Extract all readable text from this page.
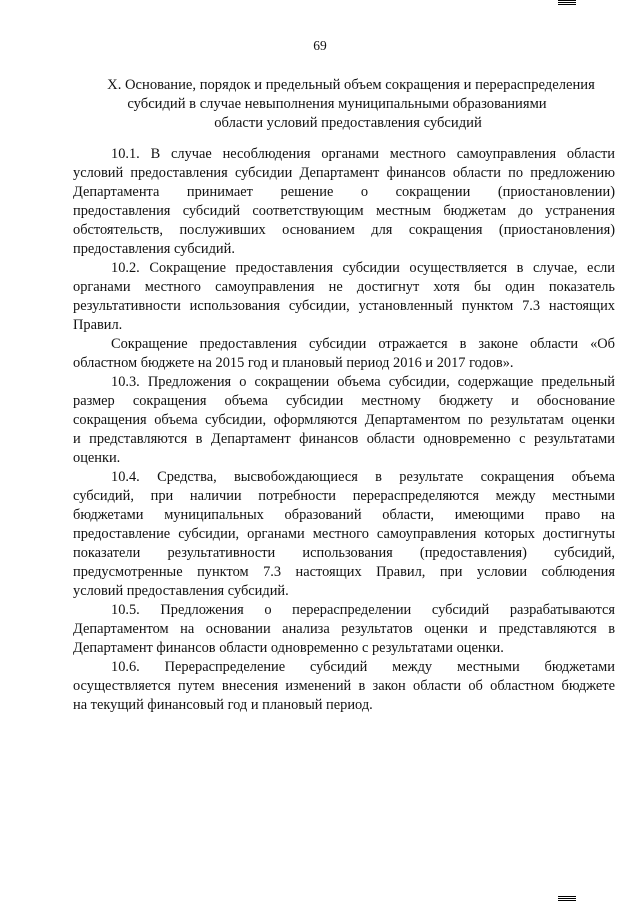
69
X. Основание, порядок и предельный объем сокращения и перераспределения
субсидий в случае невыполнения муниципальными образованиями
области условий предоставления субсидий
10.1. В случае несоблюдения органами местного самоуправления области
условий предоставления субсидии Департамент финансов области по предложению
Департамента принимает решение о сокращении (приостановлении)
предоставления субсидий соответствующим местным бюджетам до устранения
обстоятельств, послуживших основанием для сокращения (приостановления)
предоставления субсидий.
10.2. Сокращение предоставления субсидии осуществляется в случае, если
органами местного самоуправления не достигнут хотя бы один показатель
результативности использования субсидии, установленный пунктом 7.3 настоящих
Правил.
Сокращение предоставления субсидии отражается в законе области «Об
областном бюджете на 2015 год и плановый период 2016 и 2017 годов».
10.3. Предложения о сокращении объема субсидии, содержащие предельный
размер сокращения объема субсидии местному бюджету и обоснование
сокращения объема субсидии, оформляются Департаментом по результатам оценки
и представляются в Департамент финансов области одновременно с результатами
оценки.
10.4. Средства, высвобождающиеся в результате сокращения объема
субсидий, при наличии потребности перераспределяются между местными
бюджетами муниципальных образований области, имеющими право на
предоставление субсидии, органами местного самоуправления которых достигнуты
показатели результативности использования (предоставления) субсидий,
предусмотренные пунктом 7.3 настоящих Правил, при условии соблюдения
условий предоставления субсидий.
10.5. Предложения о перераспределении субсидий разрабатываются
Департаментом на основании анализа результатов оценки и представляются в
Департамент финансов области одновременно с результатами оценки.
10.6. Перераспределение субсидий между местными бюджетами
осуществляется путем внесения изменений в закон области об областном бюджете
на текущий финансовый год и плановый период.
